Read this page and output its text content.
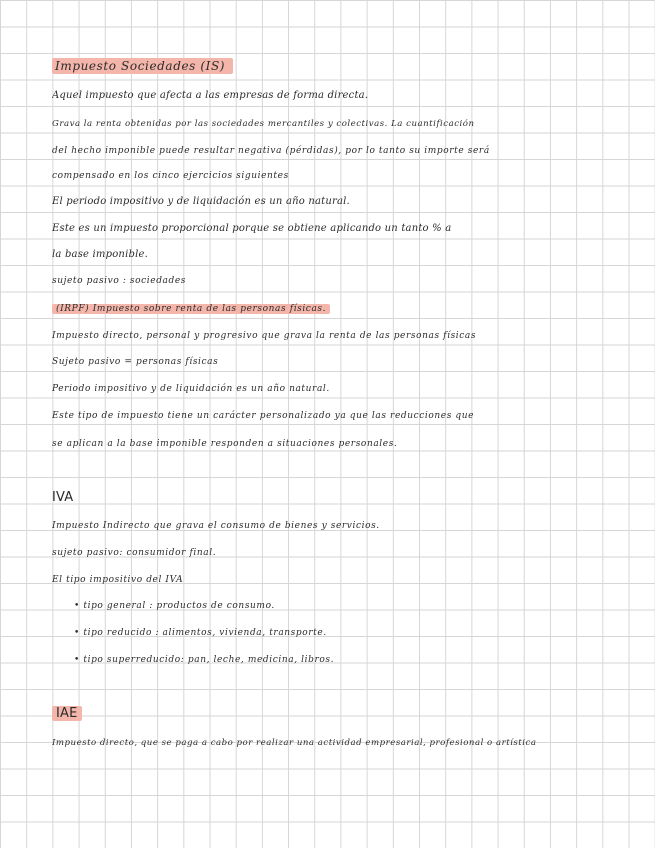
Impuesto Sociedades (IS)
Aquel impuesto que afecta a las empresas de forma directa.
Grava la renta obtenidas por las sociedades mercantiles y colectivas. La cuantificación
del hecho imponible puede resultar negativa (pérdidas), por lo tanto su importe será
compensado en los cinco ejercicios siguientes
El periodo impositivo y de liquidación es un año natural.
Este es un impuesto proporcional porque se obtiene aplicando un tanto % a
la base imponible.
sujeto pasivo : sociedades
(IRPF) Impuesto sobre renta de las personas físicas.
Impuesto directo, personal y progresivo que grava la renta de las personas físicas
Sujeto pasivo = personas físicas
Periodo impositivo y de liquidación es un año natural.
Este tipo de impuesto tiene un carácter personalizado ya que las reducciones que
se aplican a la base imponible responden a situaciones personales.
IVA
Impuesto Indirecto que grava el consumo de bienes y servicios.
sujeto pasivo: consumidor final.
El tipo impositivo del IVA
• tipo general : productos de consumo.
• tipo reducido : alimentos, vivienda, transporte.
• tipo superreducido: pan, leche, medicina, libros.
IAE
Impuesto directo, que se paga a cabo por realizar una actividad empresarial, profesional o artística
